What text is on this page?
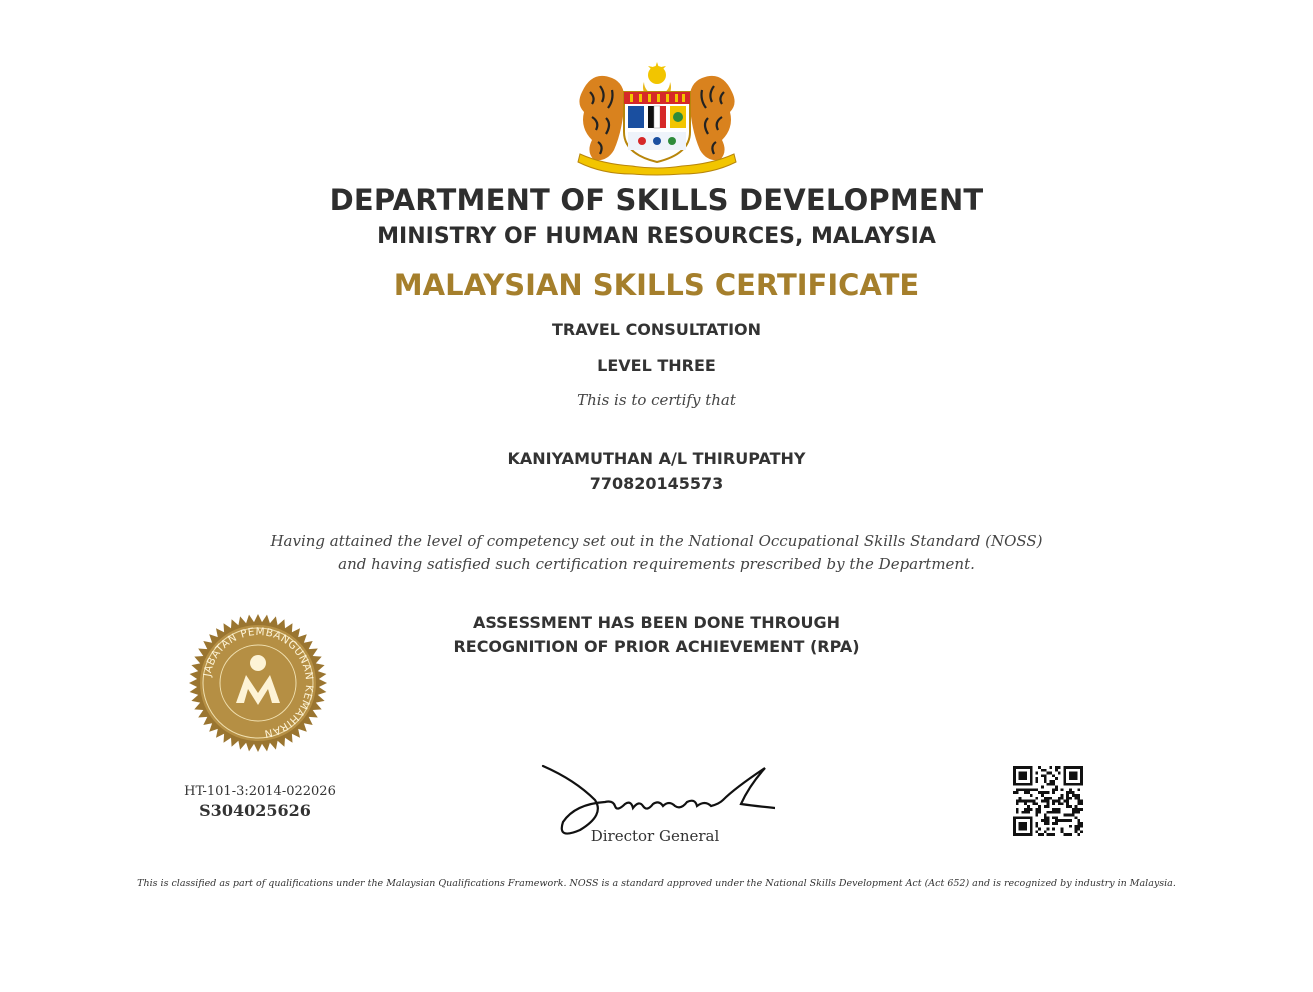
DEPARTMENT OF SKILLS DEVELOPMENT
MINISTRY OF HUMAN RESOURCES, MALAYSIA
MALAYSIAN SKILLS CERTIFICATE
TRAVEL CONSULTATION
LEVEL THREE
This is to certify that
KANIYAMUTHAN A/L THIRUPATHY
770820145573
Having attained the level of competency set out in the National Occupational Skills Standard (NOSS)
and having satisfied such certification requirements prescribed by the Department.
ASSESSMENT HAS BEEN DONE THROUGH
RECOGNITION OF PRIOR ACHIEVEMENT (RPA)
JABATAN PEMBANGUNAN KEMAHIRAN
HT-101-3:2014-022026
S304025626
Director General
This is classified as part of qualifications under the Malaysian Qualifications Framework. NOSS is a standard approved under the National Skills Development Act (Act 652) and is recognized by industry in Malaysia.
